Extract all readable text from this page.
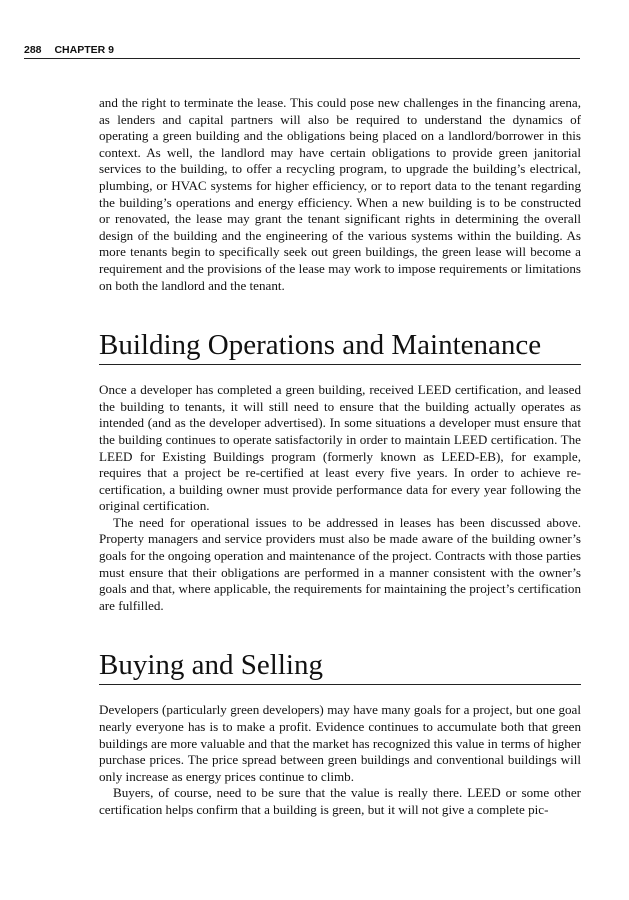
288 CHAPTER 9

and the right to terminate the lease. This could pose new challenges in the financing arena, as lenders and capital partners will also be required to understand the dynamics of operating a green building and the obligations being placed on a landlord/borrower in this context. As well, the landlord may have certain obligations to provide green janitorial services to the building, to offer a recycling program, to upgrade the building’s electrical, plumbing, or HVAC systems for higher efficiency, or to report data to the tenant regarding the building’s operations and energy efficiency. When a new building is to be constructed or renovated, the lease may grant the tenant significant rights in determining the overall design of the building and the engineering of the various systems within the building. As more tenants begin to specifically seek out green buildings, the green lease will become a requirement and the provisions of the lease may work to impose requirements or limitations on both the landlord and the tenant.

Building Operations and Maintenance

Once a developer has completed a green building, received LEED certification, and leased the building to tenants, it will still need to ensure that the building actually operates as intended (and as the developer advertised). In some situations a developer must ensure that the building continues to operate satisfactorily in order to maintain LEED certification. The LEED for Existing Buildings program (formerly known as LEED-EB), for example, requires that a project be re-certified at least every five years. In order to achieve re-certification, a building owner must provide performance data for every year following the original certification.

The need for operational issues to be addressed in leases has been discussed above. Property managers and service providers must also be made aware of the building owner’s goals for the ongoing operation and maintenance of the project. Contracts with those parties must ensure that their obligations are performed in a manner consistent with the owner’s goals and that, where applicable, the requirements for maintaining the project’s certification are fulfilled.

Buying and Selling

Developers (particularly green developers) may have many goals for a project, but one goal nearly everyone has is to make a profit. Evidence continues to accumulate both that green buildings are more valuable and that the market has recognized this value in terms of higher purchase prices. The price spread between green buildings and conventional buildings will only increase as energy prices continue to climb.

Buyers, of course, need to be sure that the value is really there. LEED or some other certification helps confirm that a building is green, but it will not give a complete pic-
